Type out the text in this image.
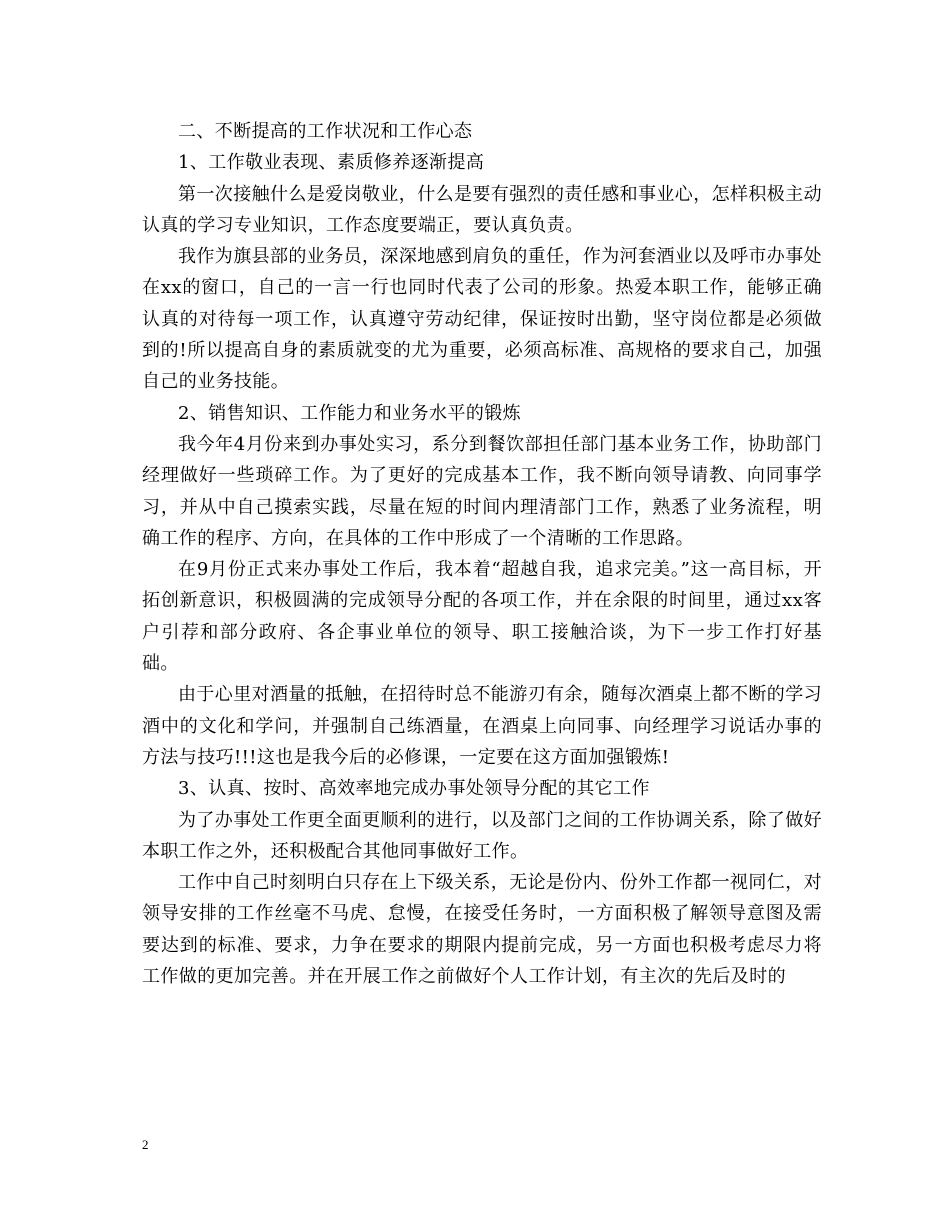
二、不断提高的工作状况和工作心态

1、工作敬业表现、素质修养逐渐提高

第一次接触什么是爱岗敬业，什么是要有强烈的责任感和事业心，怎样积极主动认真的学习专业知识，工作态度要端正，要认真负责。

我作为旗县部的业务员，深深地感到肩负的重任，作为河套酒业以及呼市办事处在xx的窗口，自己的一言一行也同时代表了公司的形象。热爱本职工作，能够正确认真的对待每一项工作，认真遵守劳动纪律，保证按时出勤，坚守岗位都是必须做到的!所以提高自身的素质就变的尤为重要，必须高标准、高规格的要求自己，加强自己的业务技能。

2、销售知识、工作能力和业务水平的锻炼

我今年4月份来到办事处实习，系分到餐饮部担任部门基本业务工作，协助部门经理做好一些琐碎工作。为了更好的完成基本工作，我不断向领导请教、向同事学习，并从中自己摸索实践，尽量在短的时间内理清部门工作，熟悉了业务流程，明确工作的程序、方向，在具体的工作中形成了一个清晰的工作思路。

在9月份正式来办事处工作后，我本着“超越自我，追求完美。”这一高目标，开拓创新意识，积极圆满的完成领导分配的各项工作，并在余限的时间里，通过xx客户引荐和部分政府、各企事业单位的领导、职工接触洽谈，为下一步工作打好基础。

由于心里对酒量的抵触，在招待时总不能游刃有余，随每次酒桌上都不断的学习酒中的文化和学问，并强制自己练酒量，在酒桌上向同事、向经理学习说话办事的方法与技巧!!!这也是我今后的必修课，一定要在这方面加强锻炼!

3、认真、按时、高效率地完成办事处领导分配的其它工作

为了办事处工作更全面更顺利的进行，以及部门之间的工作协调关系，除了做好本职工作之外，还积极配合其他同事做好工作。

工作中自己时刻明白只存在上下级关系，无论是份内、份外工作都一视同仁，对领导安排的工作丝毫不马虎、怠慢，在接受任务时，一方面积极了解领导意图及需要达到的标准、要求，力争在要求的期限内提前完成，另一方面也积极考虑尽力将工作做的更加完善。并在开展工作之前做好个人工作计划，有主次的先后及时的

2
